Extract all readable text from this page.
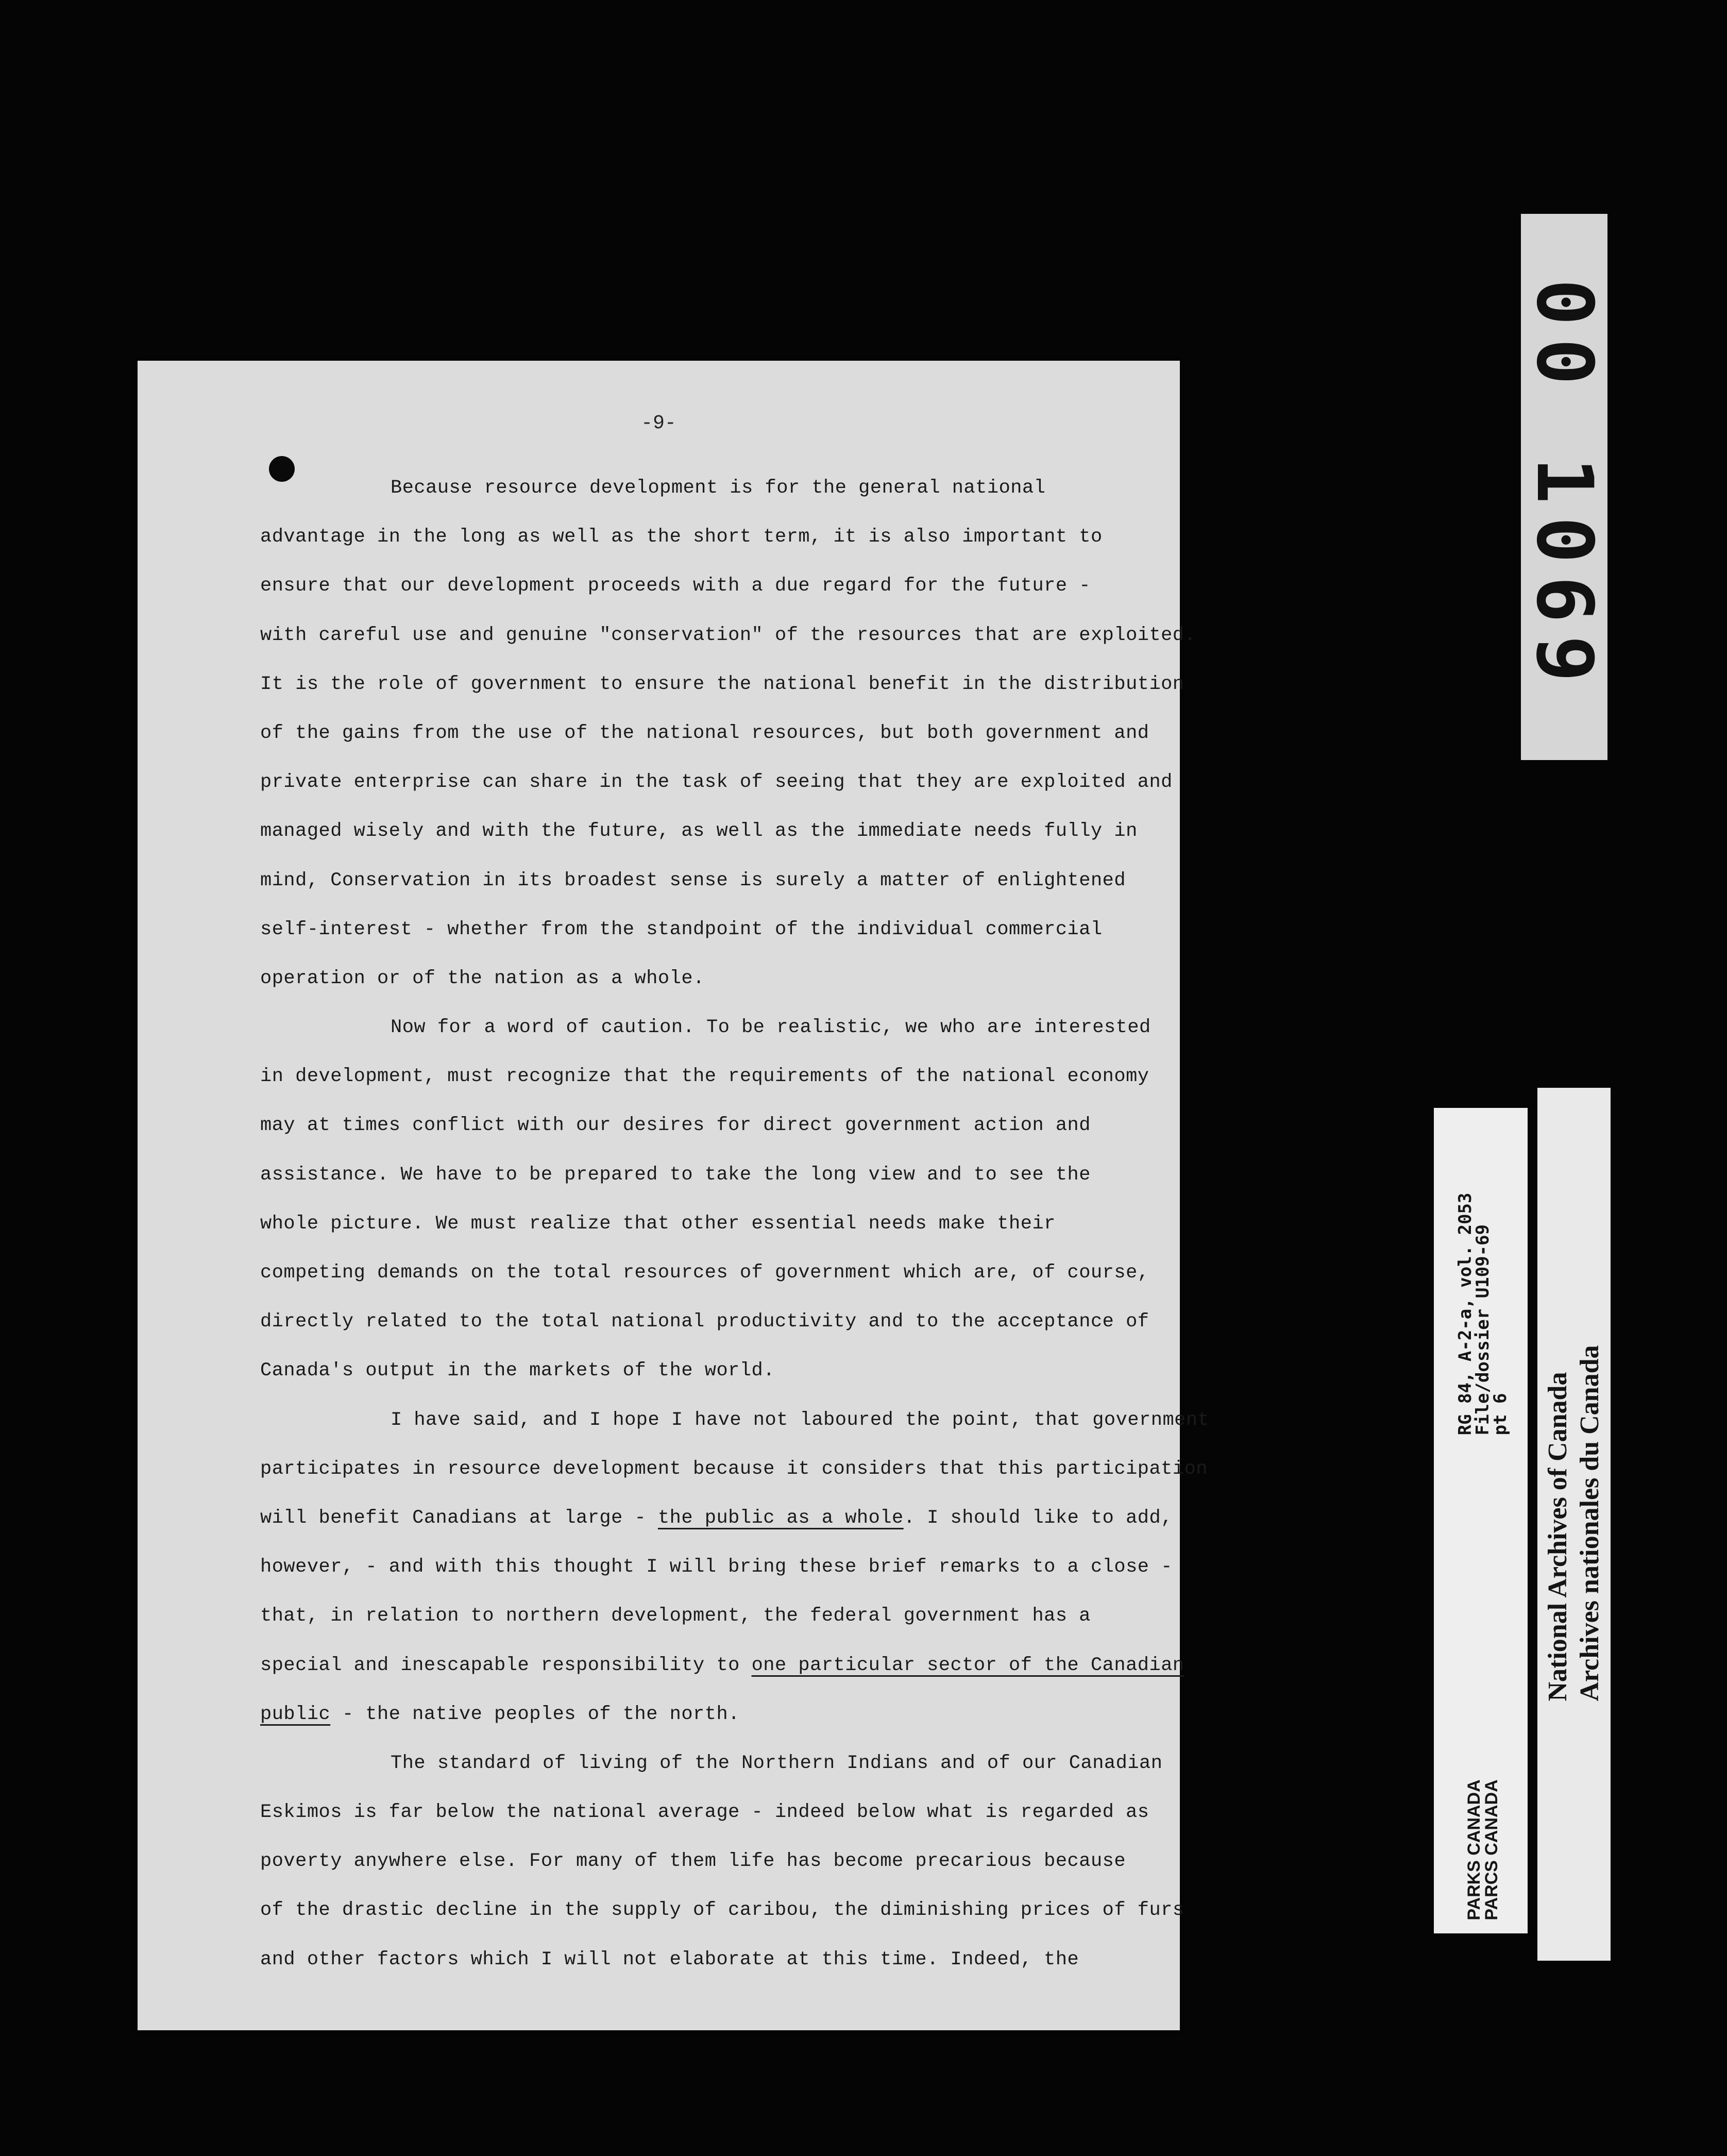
-9-
Because resource development is for the general national
advantage in the long as well as the short term, it is also important to
ensure that our development proceeds with a due regard for the future -
with careful use and genuine "conservation" of the resources that are exploited.
It is the role of government to ensure the national benefit in the distribution
of the gains from the use of the national resources, but both government and
private enterprise can share in the task of seeing that they are exploited and
managed wisely and with the future, as well as the immediate needs fully in
mind, Conservation in its broadest sense is surely a matter of enlightened
self-interest - whether from the standpoint of the individual commercial
operation or of the nation as a whole.
Now for a word of caution. To be realistic, we who are interested
in development, must recognize that the requirements of the national economy
may at times conflict with our desires for direct government action and
assistance. We have to be prepared to take the long view and to see the
whole picture. We must realize that other essential needs make their
competing demands on the total resources of government which are, of course,
directly related to the total national productivity and to the acceptance of
Canada's output in the markets of the world.
I have said, and I hope I have not laboured the point, that government
participates in resource development because it considers that this participation
will benefit Canadians at large - the public as a whole. I should like to add,
however, - and with this thought I will bring these brief remarks to a close -
that, in relation to northern development, the federal government has a
special and inescapable responsibility to one particular sector of the Canadian
public - the native peoples of the north.
The standard of living of the Northern Indians and of our Canadian
Eskimos is far below the national average - indeed below what is regarded as
poverty anywhere else. For many of them life has become precarious because
of the drastic decline in the supply of caribou, the diminishing prices of furs
and other factors which I will not elaborate at this time. Indeed, the
00 1069
RG 84, A-2-a, vol. 2053
File/dossier U109-69
pt 6
PARKS CANADA
PARCS CANADA
National Archives of Canada Archives nationales du Canada
